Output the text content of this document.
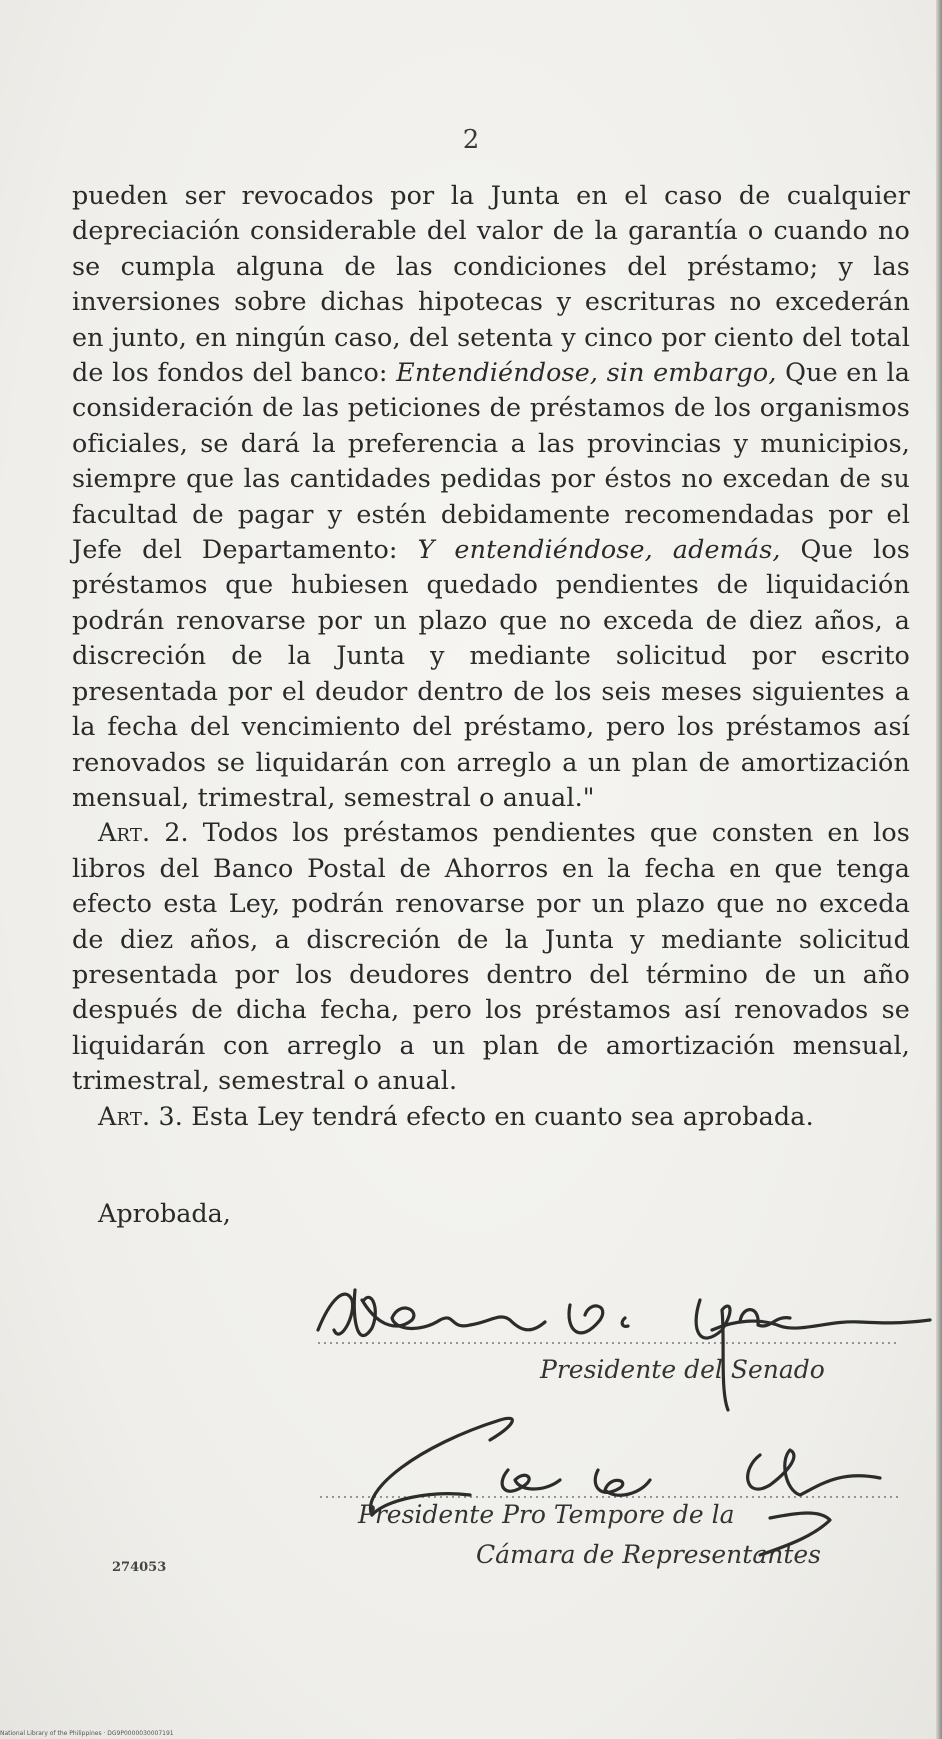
2

pueden ser revocados por la Junta en el caso de cualquier depreciación considerable del valor de la garantía o cuando no se cumpla alguna de las condiciones del préstamo; y las inversiones sobre dichas hipotecas y escrituras no excederán en junto, en ningún caso, del setenta y cinco por ciento del total de los fondos del banco: Entendiéndose, sin embargo, Que en la consideración de las peticiones de préstamos de los organismos oficiales, se dará la preferencia a las provincias y municipios, siempre que las cantidades pedidas por éstos no excedan de su facultad de pagar y estén debidamente recomendadas por el Jefe del Departamento: Y entendiéndose, además, Que los préstamos que hubiesen quedado pendientes de liquidación podrán renovarse por un plazo que no exceda de diez años, a discreción de la Junta y mediante solicitud por escrito presentada por el deudor dentro de los seis meses siguientes a la fecha del vencimiento del préstamo, pero los préstamos así renovados se liquidarán con arreglo a un plan de amortización mensual, trimestral, semestral o anual."

Art. 2. Todos los préstamos pendientes que consten en los libros del Banco Postal de Ahorros en la fecha en que tenga efecto esta Ley, podrán renovarse por un plazo que no exceda de diez años, a discreción de la Junta y mediante solicitud presentada por los deudores dentro del término de un año después de dicha fecha, pero los préstamos así renovados se liquidarán con arreglo a un plan de amortización mensual, trimestral, semestral o anual.

Art. 3. Esta Ley tendrá efecto en cuanto sea aprobada.

Aprobada,
Presidente del Senado
Presidente Pro Tempore de la
Cámara de Representantes
274053
National Library of the Philippines · DG9P0000030007191
